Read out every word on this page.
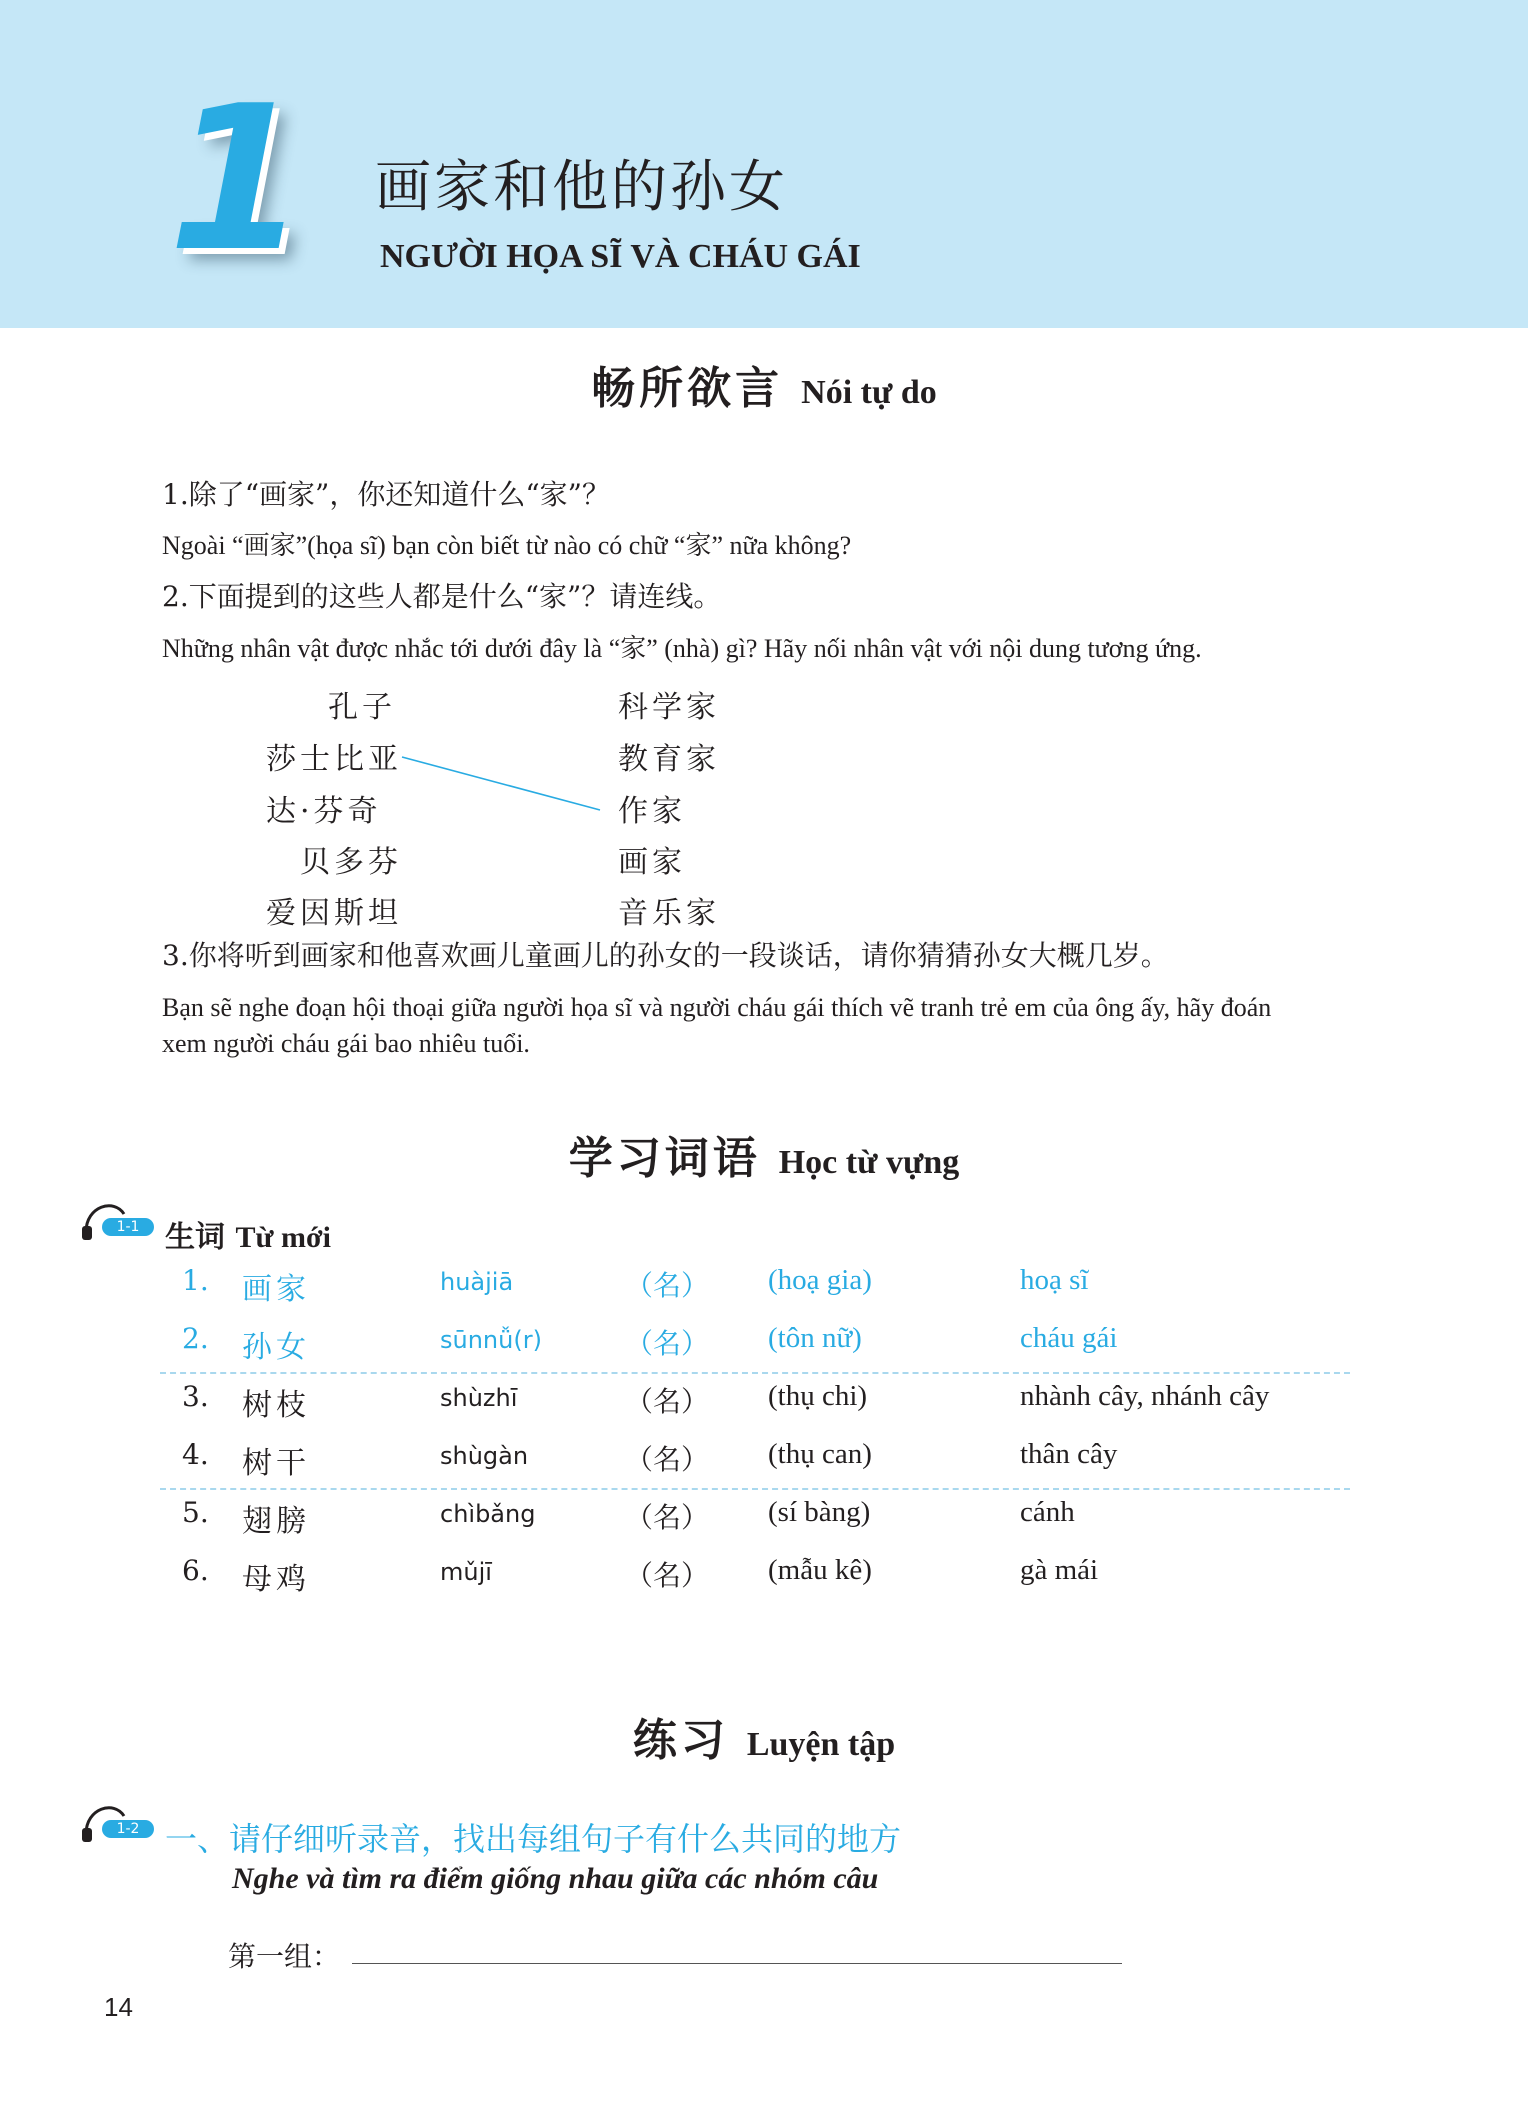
1 画家和他的孙女
NGƯỜI HỌA SĨ VÀ CHÁU GÁI
畅所欲言 Nói tự do
1.除了“画家”，你还知道什么“家”？
Ngoài “画家”(họa sĩ) bạn còn biết từ nào có chữ “家” nữa không?
2.下面提到的这些人都是什么“家”？请连线。
Những nhân vật được nhắc tới dưới đây là “家” (nhà) gì? Hãy nối nhân vật với nội dung tương ứng.
孔子
莎士比亚
达·芬奇
贝多芬
爱因斯坦
科学家
教育家
作家
画家
音乐家
3.你将听到画家和他喜欢画儿童画儿的孙女的一段谈话，请你猜猜孙女大概几岁。
Bạn sẽ nghe đoạn hội thoại giữa người họa sĩ và người cháu gái thích vẽ tranh trẻ em của ông ấy, hãy đoán
xem người cháu gái bao nhiêu tuổi.
学习词语 Học từ vựng
1-1 生词 Từ mới
1. 画家	huàjiā	（名） (hoạ gia)	hoạ sĩ
2. 孙女	sūnnǚ(r)	（名） (tôn nữ)	cháu gái
3. 树枝	shùzhī	（名） (thụ chi)	nhành cây, nhánh cây
4. 树干	shùgàn	（名） (thụ can)	thân cây
5. 翅膀	chìbǎng	（名） (sí bàng)	cánh
6. 母鸡	mǔjī	（名） (mẫu kê)	gà mái
练习 Luyện tập
1-2 一、请仔细听录音，找出每组句子有什么共同的地方
Nghe và tìm ra điểm giống nhau giữa các nhóm câu
第一组：
14
